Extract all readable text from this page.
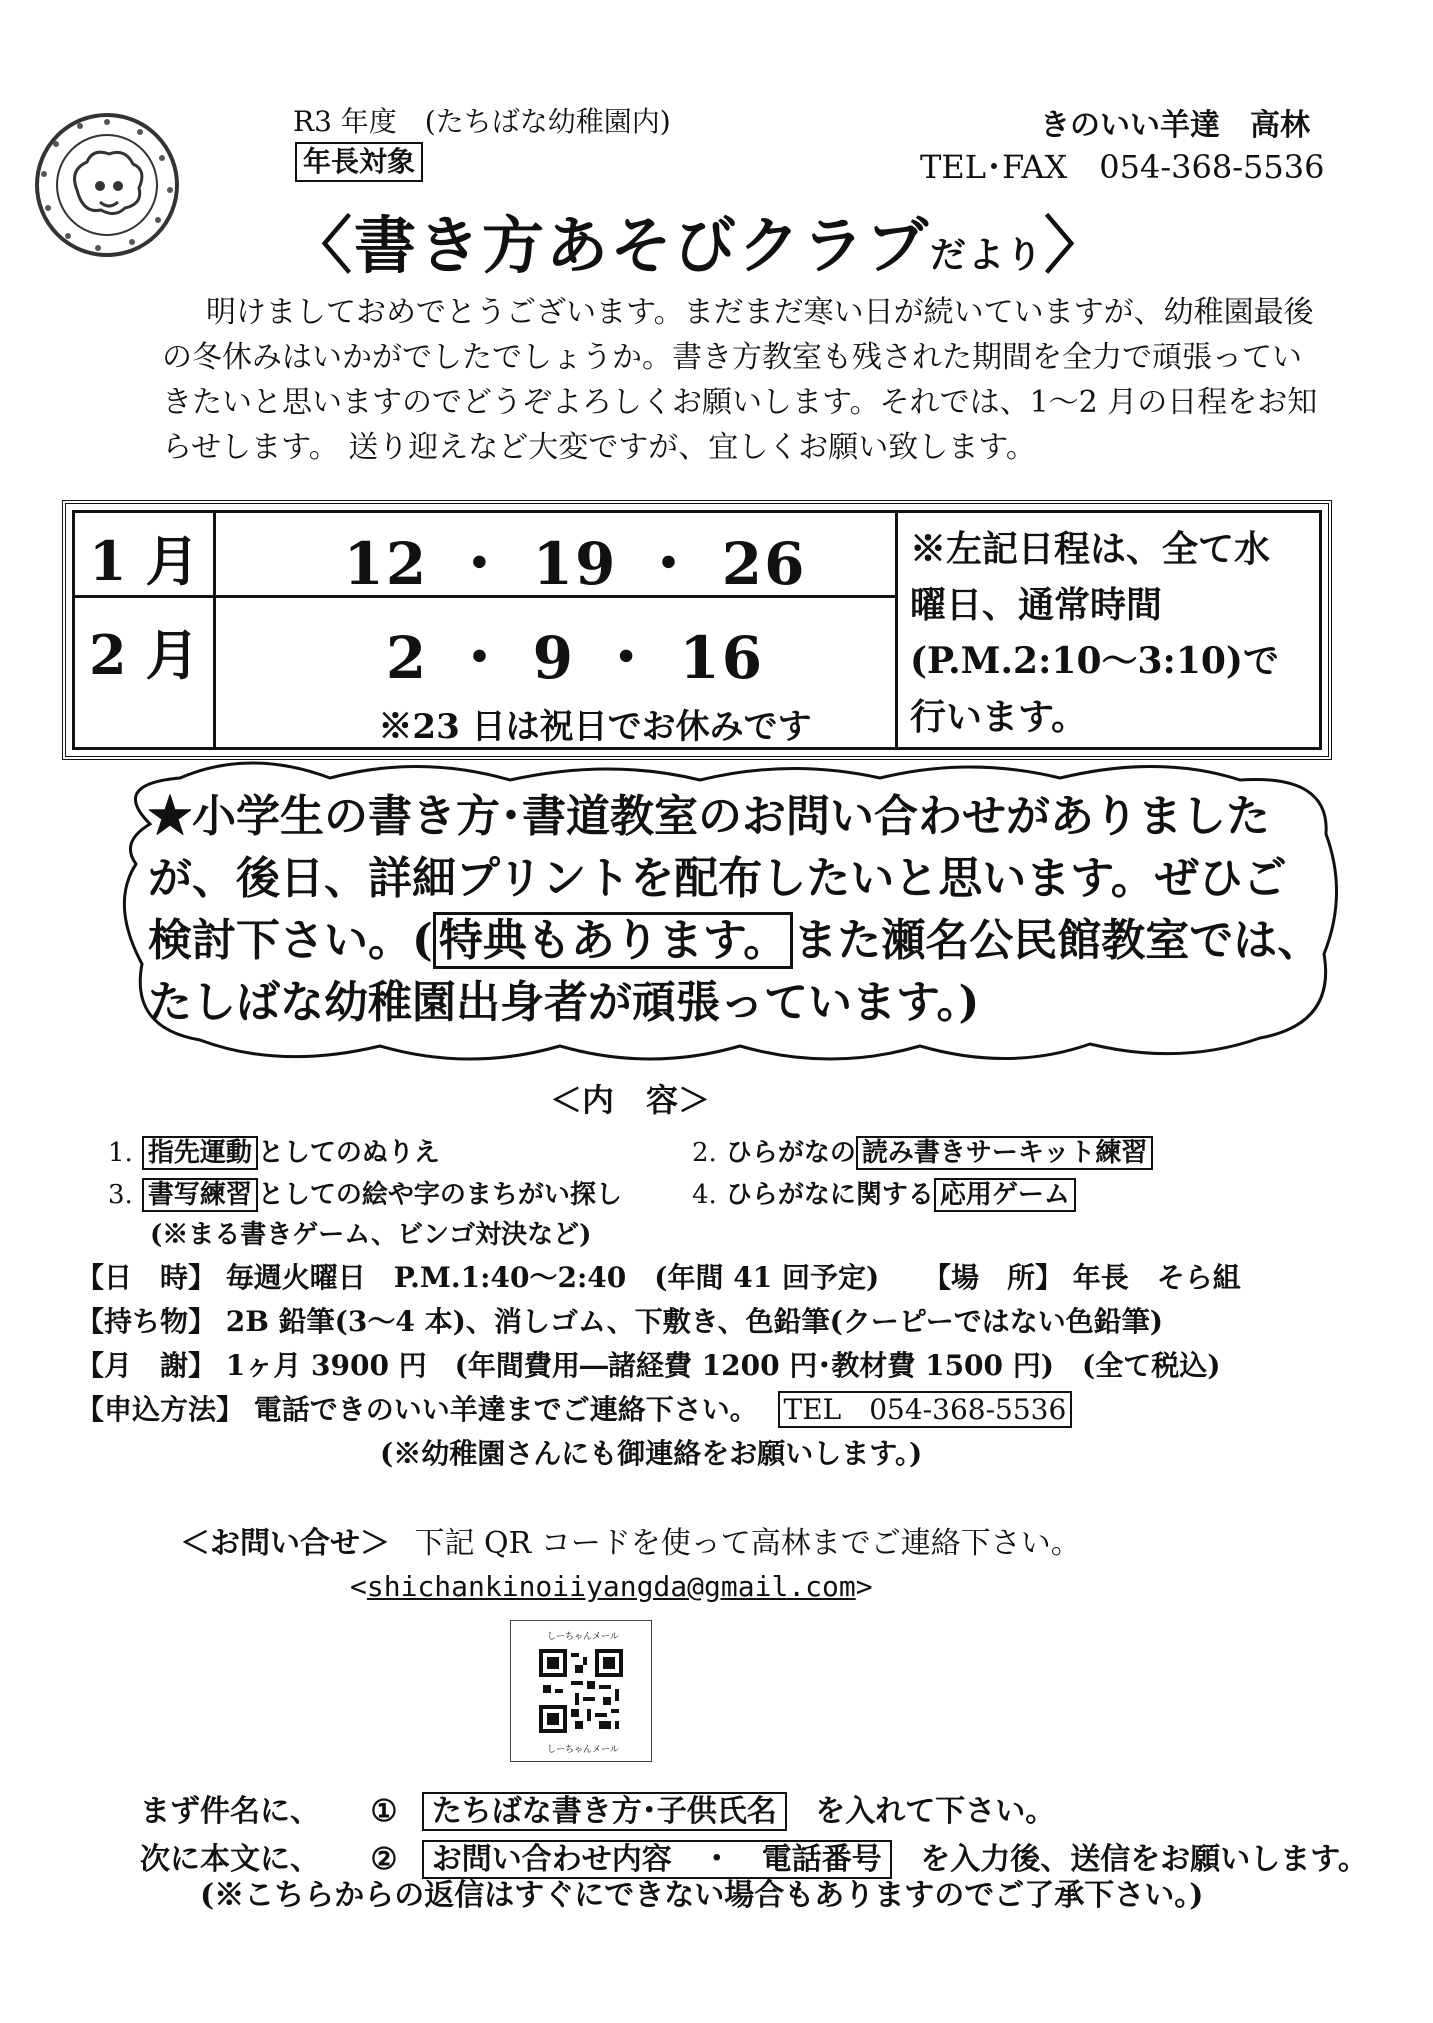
R3 年度　(たちばな幼稚園内)	きのいい羊達　高林
年長対象	TEL･FAX　054-368-5536
〈書き方あそびクラブだより〉

明けましておめでとうございます。まだまだ寒い日が続いていますが、幼稚園最後の冬休みはいかがでしたでしょうか。書き方教室も残された期間を全力で頑張っていきたいと思いますのでどうぞよろしくお願いします。それでは、1～2 月の日程をお知らせします。 送り迎えなど大変ですが、宜しくお願い致します。

1 月	12 ・ 19 ・ 26
2 月	2 ・ 9 ・ 16
※23 日は祝日でお休みです
※左記日程は、全て水曜日、通常時間(P.M.2:10～3:10)で行います。
★小学生の書き方･書道教室のお問い合わせがありましたが、後日、詳細プリントを配布したいと思います。ぜひご検討下さい。( 特典もあります。 また瀬名公民館教室では、たしばな幼稚園出身者が頑張っています。)
＜内　容＞
1. 指先運動 としてのぬりえ	2. ひらがなの 読み書きサーキット練習
3. 書写練習 としての絵や字のまちがい探し	4. ひらがなに関する 応用ゲーム
(※まる書きゲーム、ビンゴ対決など)
【日　時】 毎週火曜日　P.M.1:40～2:40　(年間 41 回予定) 【場　所】 年長　そら組
【持ち物】 2B 鉛筆(3～4 本)、消しゴム、下敷き、色鉛筆(クーピーではない色鉛筆)
【月　謝】 1ヶ月 3900 円　(年間費用―諸経費 1200 円･教材費 1500 円)　(全て税込)
【申込方法】 電話できのいい羊達までご連絡下さい。 TEL　054-368-5536
(※幼稚園さんにも御連絡をお願いします。)
＜お問い合せ＞ 下記 QR コードを使って高林までご連絡下さい。
<shichankinoiiyangda@gmail.com>
しーちゃんメール
しーちゃんメール
まず件名に、 ① たちばな書き方･子供氏名 を入れて下さい。
次に本文に、 ② お問い合わせ内容　・　電話番号 を入力後、送信をお願いします。
(※こちらからの返信はすぐにできない場合もありますのでご了承下さい。)
